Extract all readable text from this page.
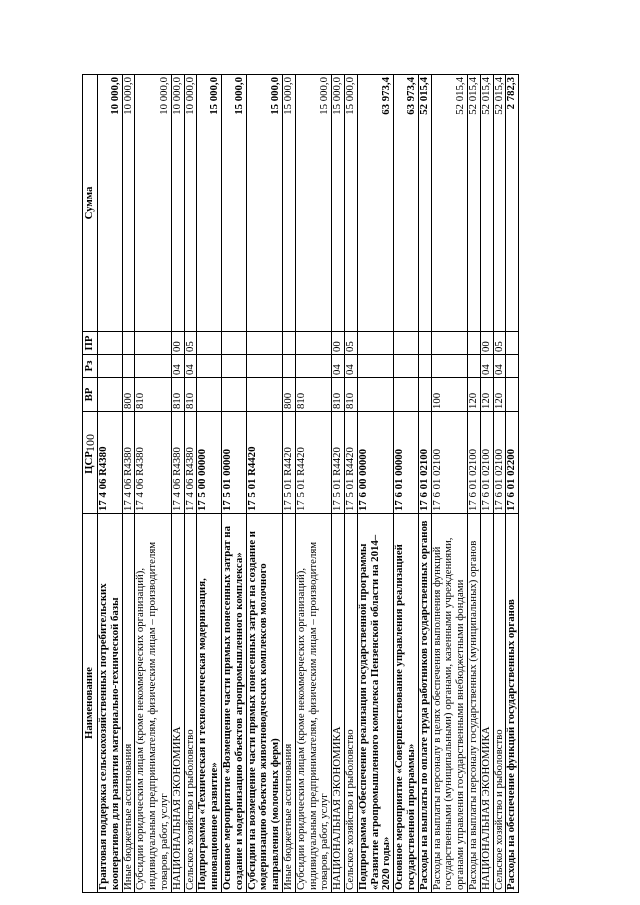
100
Наименование	ЦСР	ВР	Рз	ПР	Сумма
Грантовая поддержка сельскохозяйственных потребительских кооперативов для развития материально-технической базы	17 4 06 R4380				10 000,0
Иные бюджетные ассигнования	17 4 06 R4380	800			10 000,0
Субсидии юридическим лицам (кроме некоммерческих организаций), индивидуальным предпринимателям, физическим лицам – производителям товаров, работ, услуг	17 4 06 R4380	810			10 000,0
НАЦИОНАЛЬНАЯ ЭКОНОМИКА	17 4 06 R4380	810	04	00	10 000,0
Сельское хозяйство и рыболовство	17 4 06 R4380	810	04	05	10 000,0
Подпрограмма «Техническая и технологическая модернизация, инновационное развитие»	17 5 00 00000				15 000,0
Основное мероприятие «Возмещение части прямых понесенных затрат на создание и модернизацию объектов агропромышленного комплекса»	17 5 01 00000				15 000,0
Субсидии на возмещение части прямых понесенных затрат на создание и модернизацию объектов животноводческих комплексов молочного направления (молочных ферм)	17 5 01 R4420				15 000,0
Иные бюджетные ассигнования	17 5 01 R4420	800			15 000,0
Субсидии юридическим лицам (кроме некоммерческих организаций), индивидуальным предпринимателям, физическим лицам – производителям товаров, работ, услуг	17 5 01 R4420	810			15 000,0
НАЦИОНАЛЬНАЯ ЭКОНОМИКА	17 5 01 R4420	810	04	00	15 000,0
Сельское хозяйство и рыболовство	17 5 01 R4420	810	04	05	15 000,0
Подпрограмма «Обеспечение реализации государственной программы «Развитие агропромышленного комплекса Пензенской области на 2014–2020 годы»	17 6 00 00000				63 973,4
Основное мероприятие «Совершенствование управления реализацией государственной программы»	17 6 01 00000				63 973,4
Расходы на выплаты по оплате труда работников государственных органов	17 6 01 02100				52 015,4
Расходы на выплаты персоналу в целях обеспечения выполнения функций государственными (муниципальными) органами, казенными учреждениями, органами управления государственными внебюджетными фондами	17 6 01 02100	100			52 015,4
Расходы на выплаты персоналу государственных (муниципальных) органов	17 6 01 02100	120			52 015,4
НАЦИОНАЛЬНАЯ ЭКОНОМИКА	17 6 01 02100	120	04	00	52 015,4
Сельское хозяйство и рыболовство	17 6 01 02100	120	04	05	52 015,4
Расходы на обеспечение функций государственных органов	17 6 01 02200				2 782,3
